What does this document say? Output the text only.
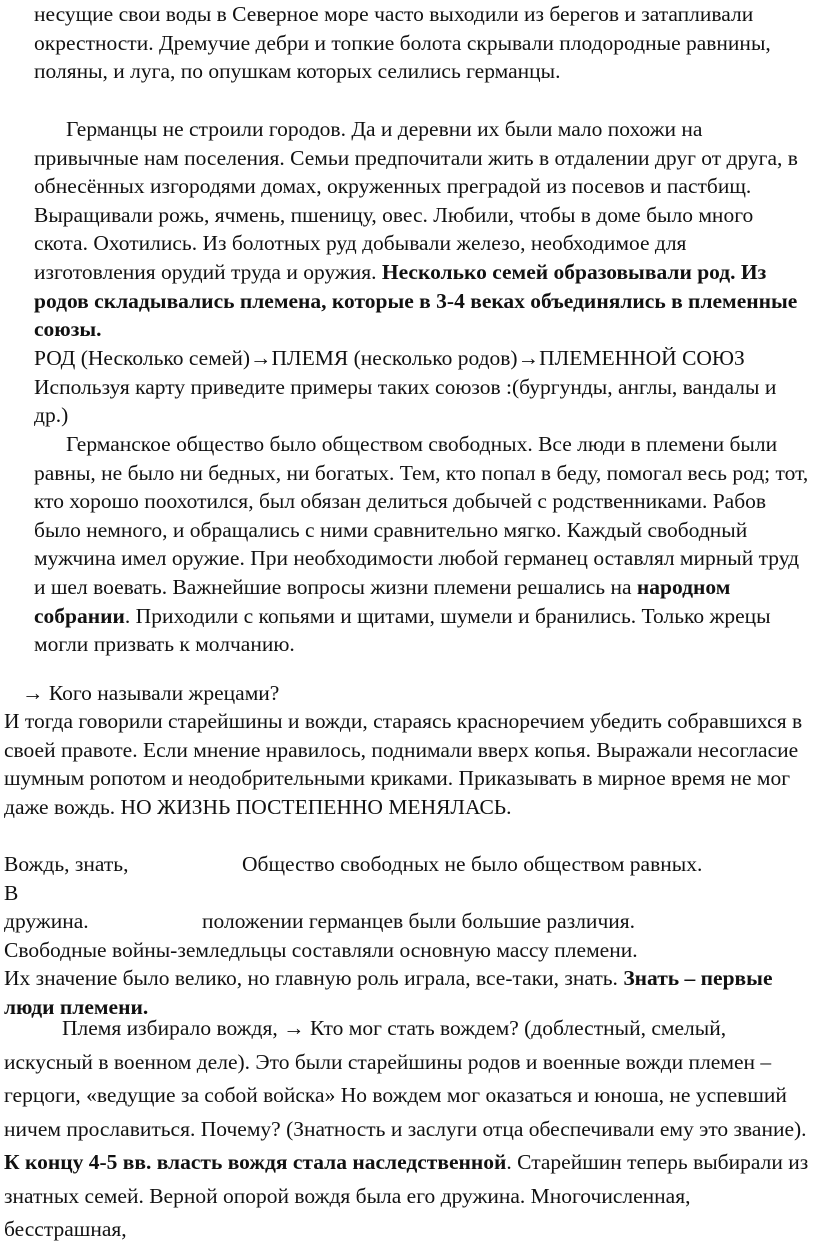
несущие свои воды в Северное море часто выходили из берегов и затапливали окрестности. Дремучие дебри и топкие болота скрывали плодородные равнины, поляны, и луга, по опушкам которых селились германцы.

Германцы не строили городов. Да и деревни их были мало похожи на привычные нам поселения. Семьи предпочитали жить в отдалении друг от друга, в обнесённых изгородями домах, окруженных преградой из посевов и пастбищ. Выращивали рожь, ячмень, пшеницу, овес. Любили, чтобы в доме было много скота. Охотились. Из болотных руд добывали железо, необходимое для изготовления орудий труда и оружия. Несколько семей образовывали род. Из родов складывались племена, которые в 3-4 веках объединялись в племенные союзы.

РОД (Несколько семей)→ПЛЕМЯ (несколько родов)→ПЛЕМЕННОЙ СОЮЗ Используя карту приведите примеры таких союзов :(бургунды, англы, вандалы и др.)

Германское общество было обществом свободных. Все люди в племени были равны, не было ни бедных, ни богатых. Тем, кто попал в беду, помогал весь род; тот, кто хорошо поохотился, был обязан делиться добычей с родственниками. Рабов было немного, и обращались с ними сравнительно мягко. Каждый свободный мужчина имел оружие. При необходимости любой германец оставлял мирный труд и шел воевать. Важнейшие вопросы жизни племени решались на народном собрании. Приходили с копьями и щитами, шумели и бранились. Только жрецы могли призвать к молчанию.

→ Кого называли жрецами?

И тогда говорили старейшины и вожди, стараясь красноречием убедить собравшихся в своей правоте. Если мнение нравилось, поднимали вверх копья. Выражали несогласие шумным ропотом и неодобрительными криками. Приказывать в мирное время не мог даже вождь. НО ЖИЗНЬ ПОСТЕПЕННО МЕНЯЛАСЬ.

Вождь, знать,	Общество свободных не было обществом равных.
В
дружина.	положении германцев были большие различия.
Свободные войны-земледльцы составляли основную массу племени.
Их значение было велико, но главную роль играла, все-таки, знать. Знать – первые люди племени.

Племя избирало вождя, → Кто мог стать вождем? (доблестный, смелый, искусный в военном деле). Это были старейшины родов и военные вожди племен – герцоги, «ведущие за собой войска» Но вождем мог оказаться и юноша, не успевший ничем прославиться. Почему? (Знатность и заслуги отца обеспечивали ему это звание). К концу 4-5 вв. власть вождя стала наследственной. Старейшин теперь выбирали из знатных семей. Верной опорой вождя была его дружина. Многочисленная, бесстрашная,
